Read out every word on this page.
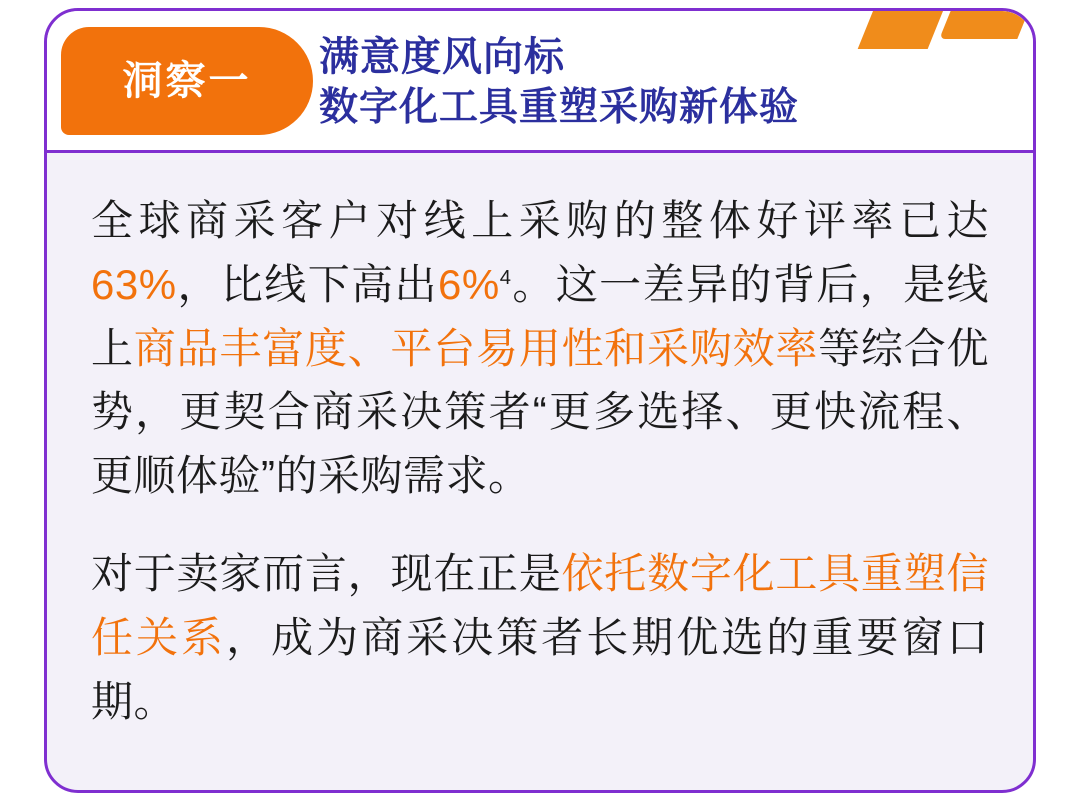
洞察一
满意度风向标
数字化工具重塑采购新体验

全球商采客户对线上采购的整体好评率已达63%，比线下高出6%$^4$。这一差异的背后，是线上商品丰富度、平台易用性和采购效率等综合优势，更契合商采决策者“更多选择、更快流程、更顺体验”的采购需求。

对于卖家而言，现在正是依托数字化工具重塑信任关系，成为商采决策者长期优选的重要窗口期。
